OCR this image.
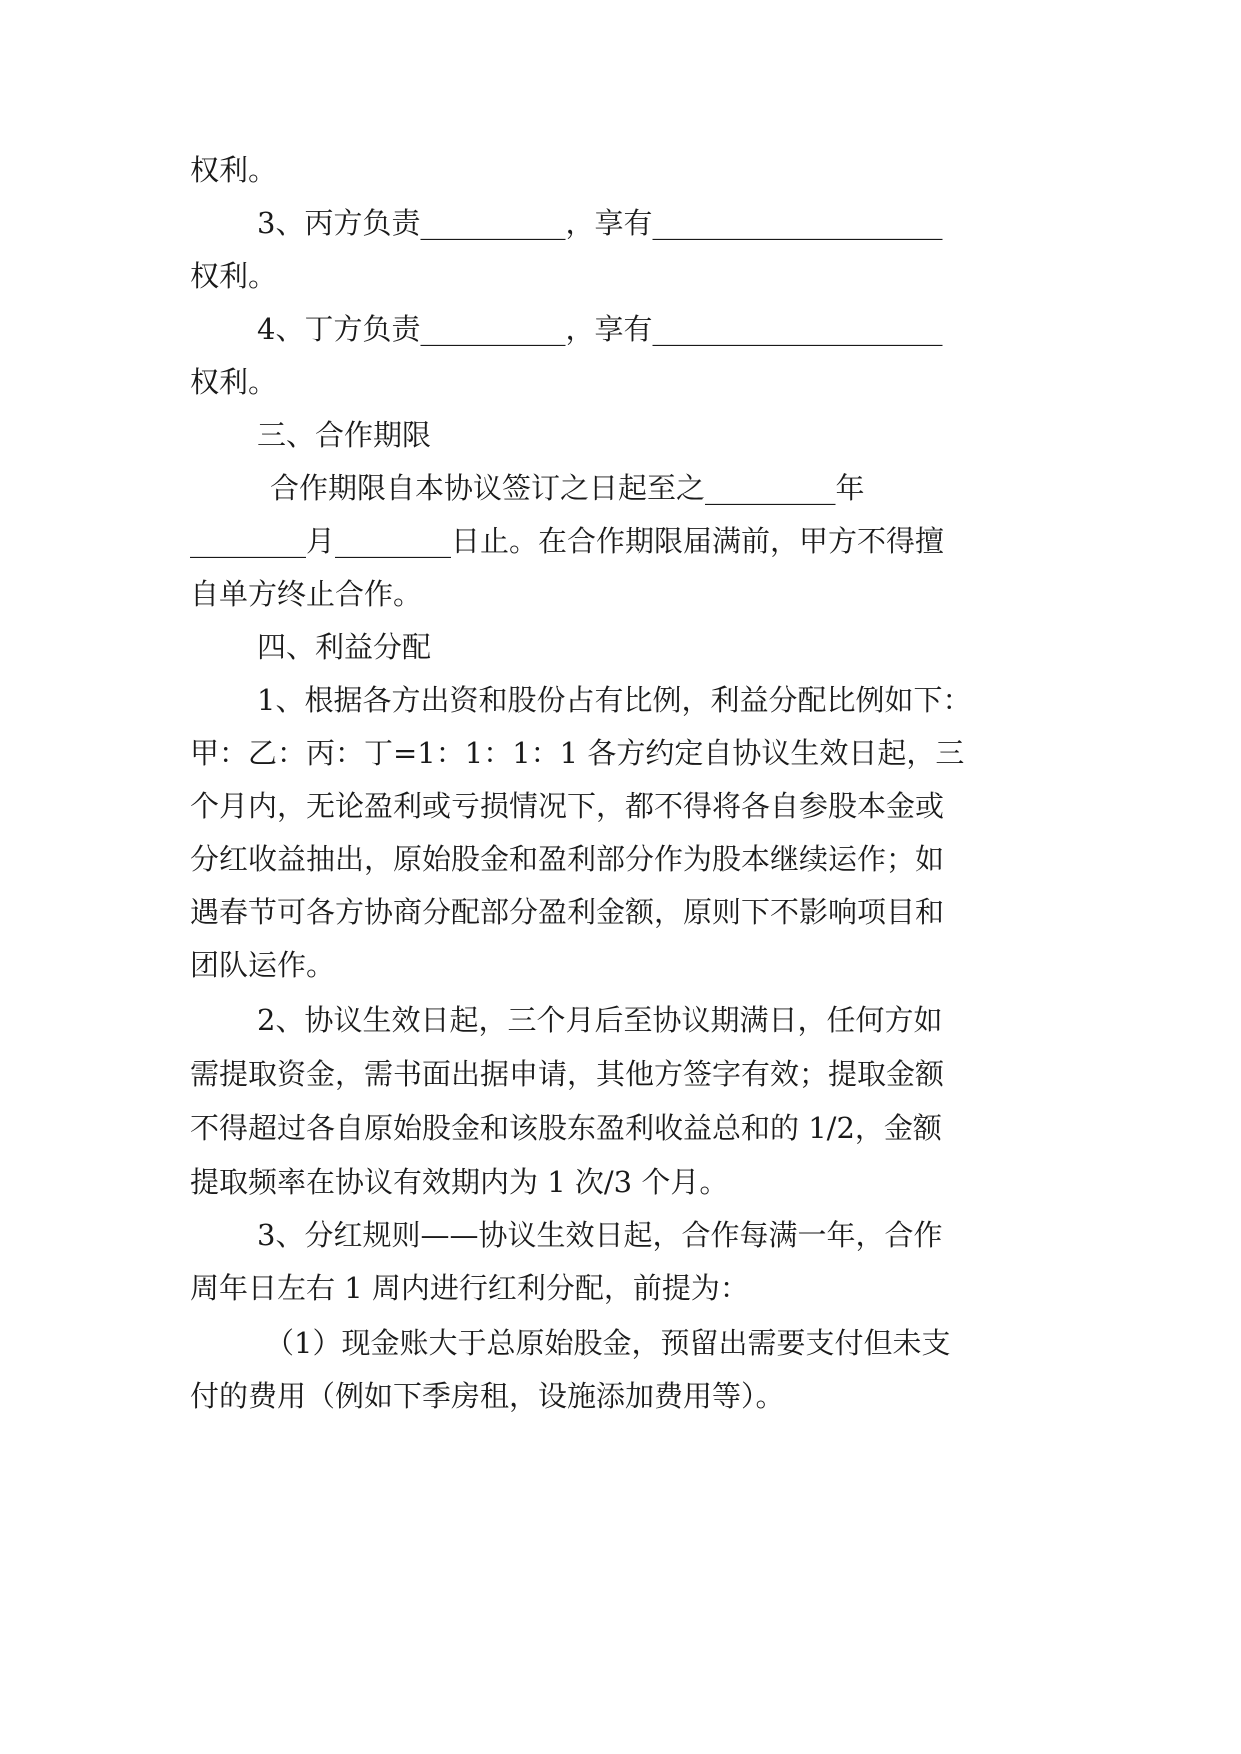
权利。
3、丙方负责__________，享有____________________
权利。
4、丁方负责__________，享有____________________
权利。
三、合作期限
合作期限自本协议签订之日起至之_________年
________月________日止。在合作期限届满前，甲方不得擅
自单方终止合作。
四、利益分配
1、根据各方出资和股份占有比例，利益分配比例如下：
甲：乙：丙：丁=1：1：1：1 各方约定自协议生效日起，三
个月内，无论盈利或亏损情况下，都不得将各自参股本金或
分红收益抽出，原始股金和盈利部分作为股本继续运作；如
遇春节可各方协商分配部分盈利金额，原则下不影响项目和
团队运作。
2、协议生效日起，三个月后至协议期满日，任何方如
需提取资金，需书面出据申请，其他方签字有效；提取金额
不得超过各自原始股金和该股东盈利收益总和的 1/2，金额
提取频率在协议有效期内为 1 次/3 个月。
3、分红规则——协议生效日起，合作每满一年，合作
周年日左右 1 周内进行红利分配，前提为：
（1）现金账大于总原始股金，预留出需要支付但未支
付的费用（例如下季房租，设施添加费用等）。
